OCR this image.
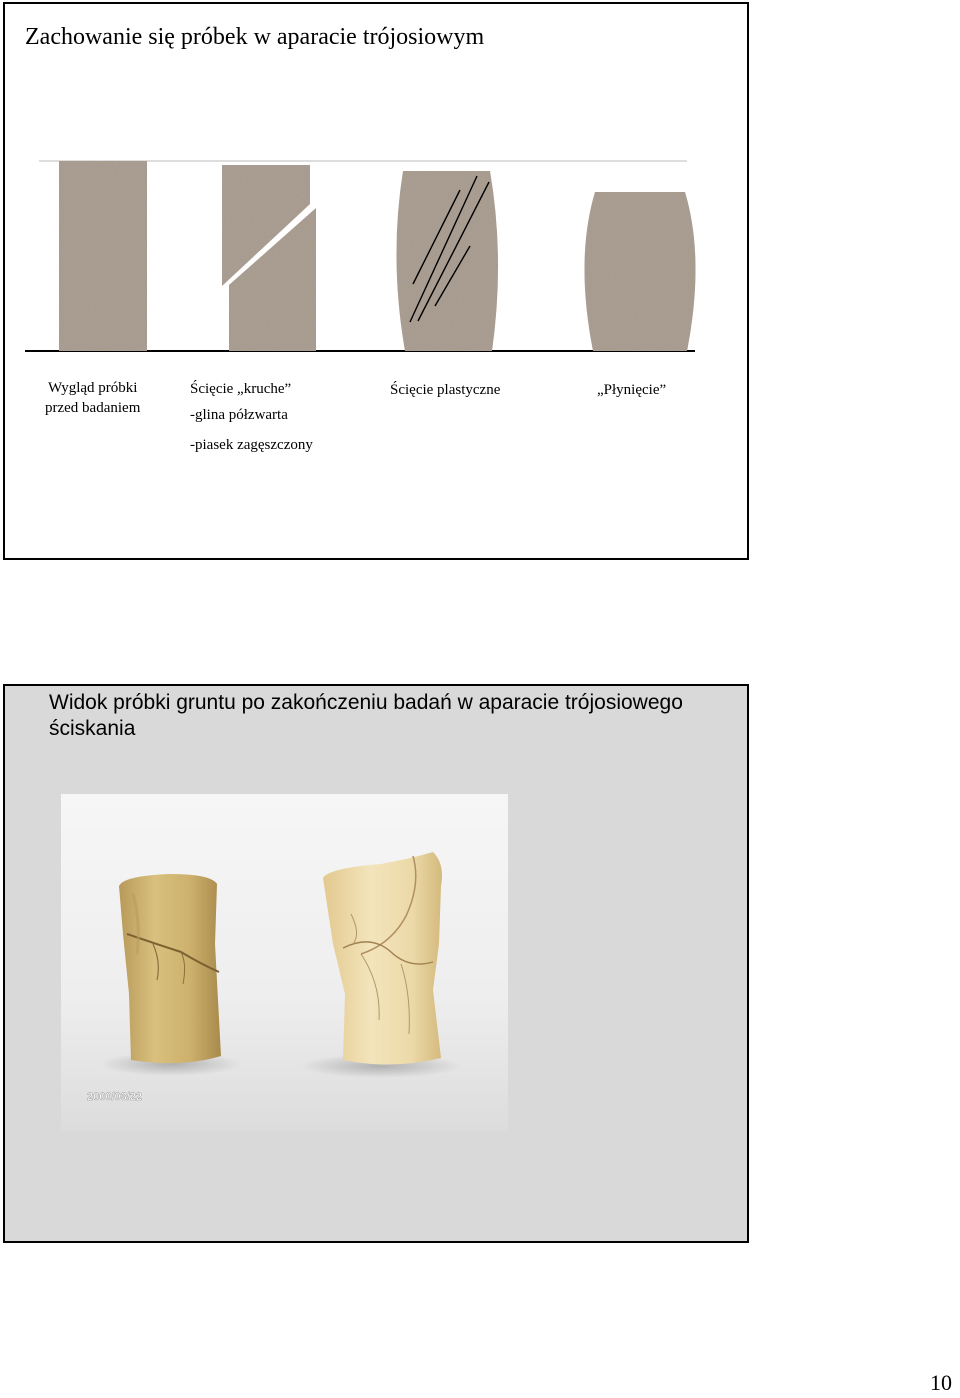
Zachowanie się próbek w aparacie trójosiowym
Wygląd próbki
przed badaniem
Ścięcie „kruche”
-glina półzwarta
-piasek zagęszczony
Ścięcie plastyczne	„Płynięcie”
Widok próbki gruntu po zakończeniu badań w aparacie trójosiowego ściskania
2000/03/22
10
